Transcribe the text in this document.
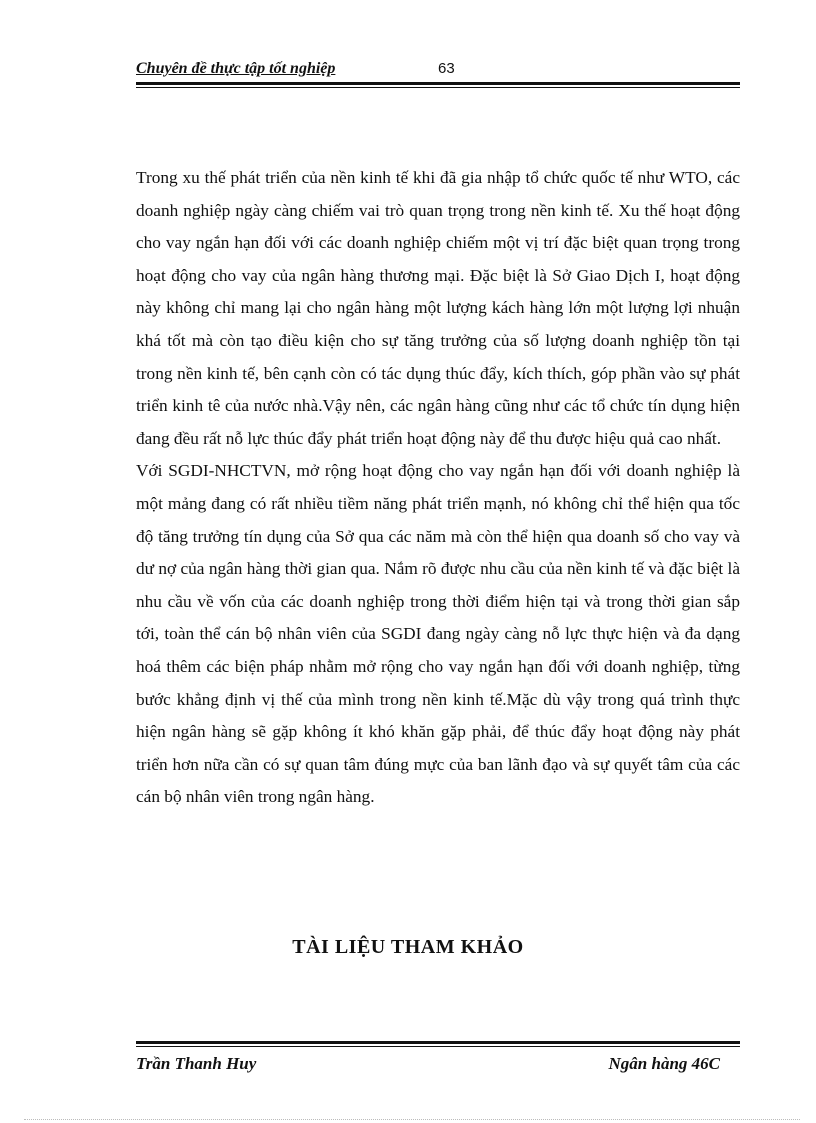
Chuyên đề thực tập tốt nghiệp	63

Trong xu thế phát triển của nền kinh tế khi đã gia nhập tổ chức quốc tế như WTO, các doanh nghiệp ngày càng chiếm vai trò quan trọng trong nền kinh tế. Xu thế hoạt động cho vay ngắn hạn đối với các doanh nghiệp chiếm một vị trí đặc biệt quan trọng trong hoạt động cho vay của ngân hàng thương mại. Đặc biệt là Sở Giao Dịch I, hoạt động này không chỉ mang lại cho ngân hàng một lượng kách hàng lớn một lượng lợi nhuận khá tốt mà còn tạo điều kiện cho sự tăng trưởng của số lượng doanh nghiệp tồn tại trong nền kinh tế, bên cạnh còn có tác dụng thúc đẩy, kích thích, góp phần vào sự phát triển kinh tê của nước nhà.Vậy nên, các ngân hàng cũng như các tổ chức tín dụng hiện đang đều rất nỗ lực thúc đẩy phát triển hoạt động này để thu được hiệu quả cao nhất.

Với SGDI-NHCTVN, mở rộng hoạt động cho vay ngắn hạn đối với doanh nghiệp là một mảng đang có rất nhiều tiềm năng phát triển mạnh, nó không chỉ thể hiện qua tốc độ tăng trưởng tín dụng của Sở qua các năm mà còn thể hiện qua doanh số cho vay và dư nợ của ngân hàng thời gian qua. Nắm rõ được nhu cầu của nền kinh tế và đặc biệt là nhu cầu về vốn của các doanh nghiệp trong thời điểm hiện tại và trong thời gian sắp tới, toàn thể cán bộ nhân viên của SGDI đang ngày càng nỗ lực thực hiện và đa dạng hoá thêm các biện pháp nhằm mở rộng cho vay ngắn hạn đối với doanh nghiệp, từng bước khẳng định vị thế của mình trong nền kinh tế.Mặc dù vậy trong quá trình thực hiện ngân hàng sẽ gặp không ít khó khăn gặp phải, để thúc đẩy hoạt động này phát triển hơn nữa cần có sự quan tâm đúng mực của ban lãnh đạo và sự quyết tâm của các cán bộ nhân viên trong ngân hàng.

TÀI LIỆU THAM KHẢO
Trần Thanh Huy	Ngân hàng 46C
